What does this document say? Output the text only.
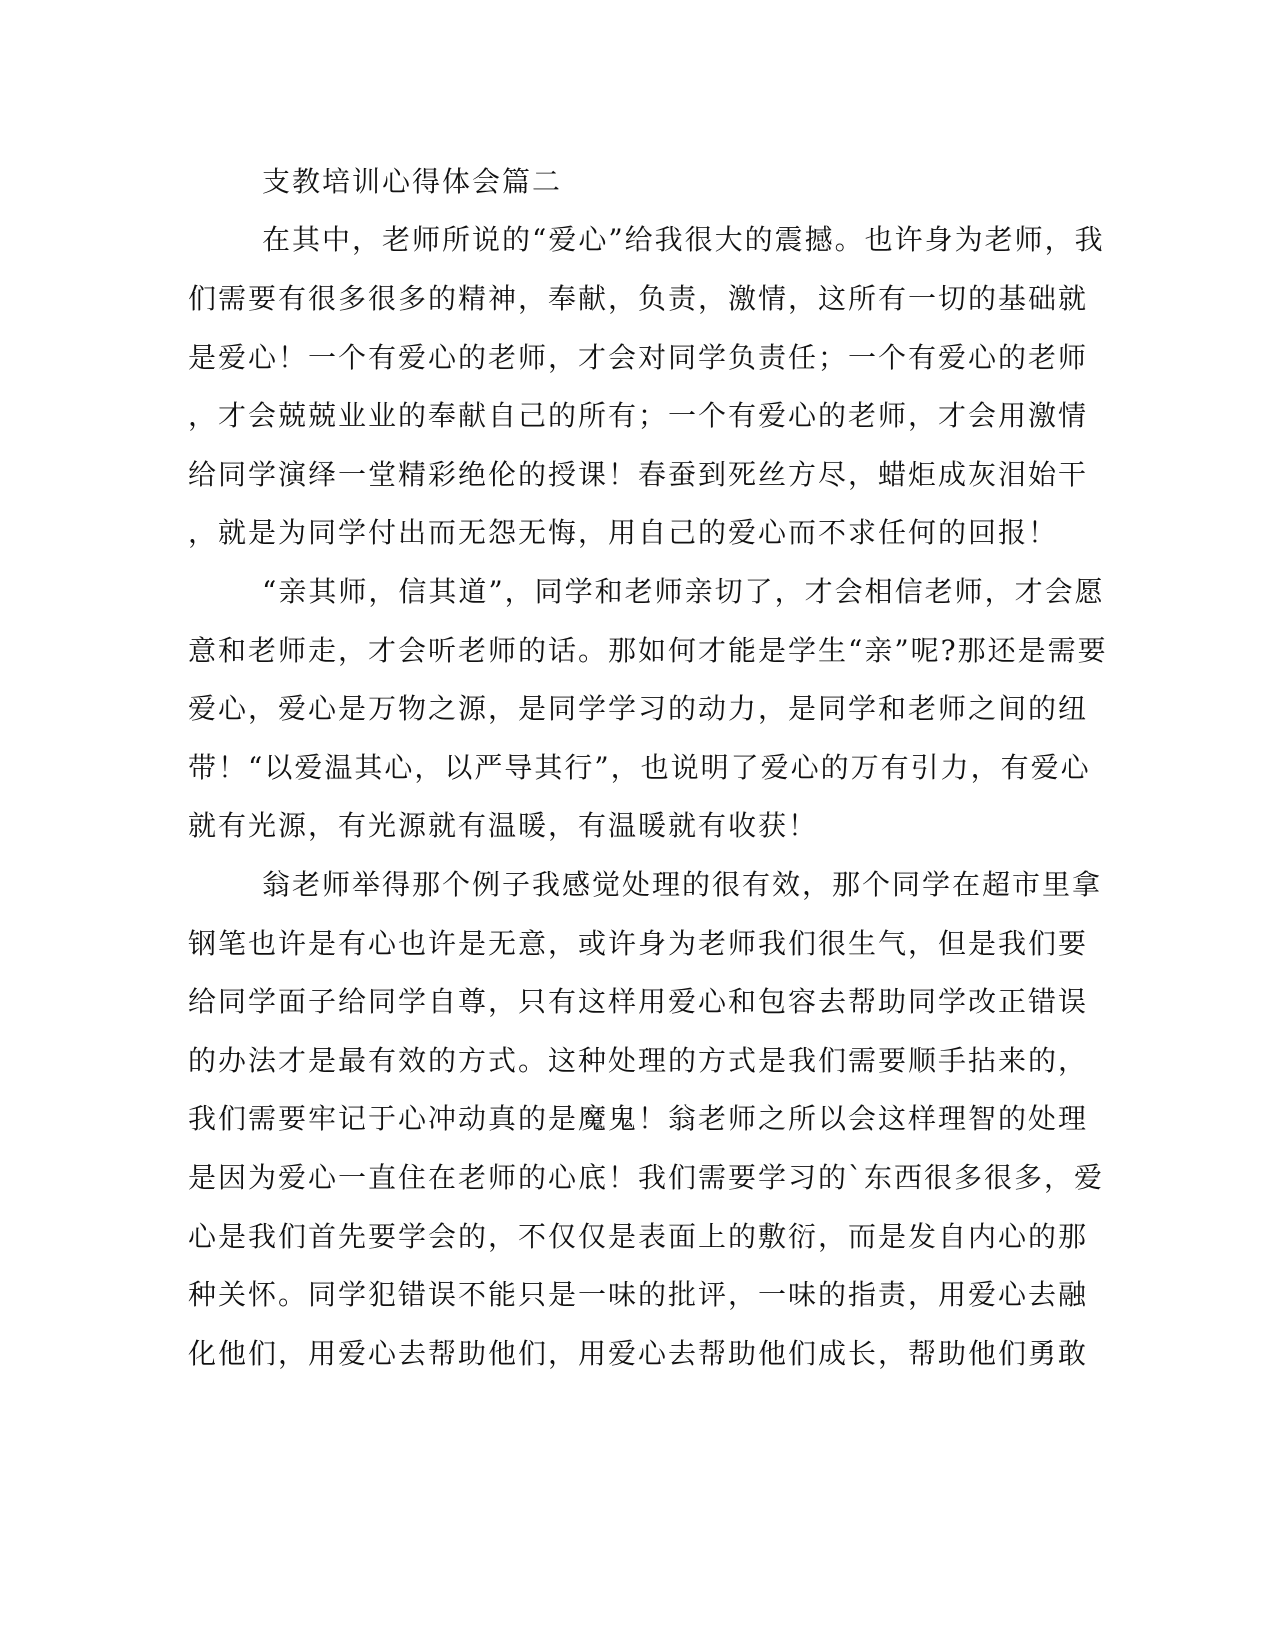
支教培训心得体会篇二
在其中，老师所说的“爱心”给我很大的震撼。也许身为老师，我
们需要有很多很多的精神，奉献，负责，激情，这所有一切的基础就
是爱心！一个有爱心的老师，才会对同学负责任；一个有爱心的老师
，才会兢兢业业的奉献自己的所有；一个有爱心的老师，才会用激情
给同学演绎一堂精彩绝伦的授课！春蚕到死丝方尽，蜡炬成灰泪始干
，就是为同学付出而无怨无悔，用自己的爱心而不求任何的回报！
“亲其师，信其道”，同学和老师亲切了，才会相信老师，才会愿
意和老师走，才会听老师的话。那如何才能是学生“亲”呢?那还是需要
爱心，爱心是万物之源，是同学学习的动力，是同学和老师之间的纽
带！“以爱温其心，以严导其行”，也说明了爱心的万有引力，有爱心
就有光源，有光源就有温暖，有温暖就有收获！
翁老师举得那个例子我感觉处理的很有效，那个同学在超市里拿
钢笔也许是有心也许是无意，或许身为老师我们很生气，但是我们要
给同学面子给同学自尊，只有这样用爱心和包容去帮助同学改正错误
的办法才是最有效的方式。这种处理的方式是我们需要顺手拈来的，
我们需要牢记于心冲动真的是魔鬼！翁老师之所以会这样理智的处理
是因为爱心一直住在老师的心底！我们需要学习的`东西很多很多，爱
心是我们首先要学会的，不仅仅是表面上的敷衍，而是发自内心的那
种关怀。同学犯错误不能只是一味的批评，一味的指责，用爱心去融
化他们，用爱心去帮助他们，用爱心去帮助他们成长，帮助他们勇敢
